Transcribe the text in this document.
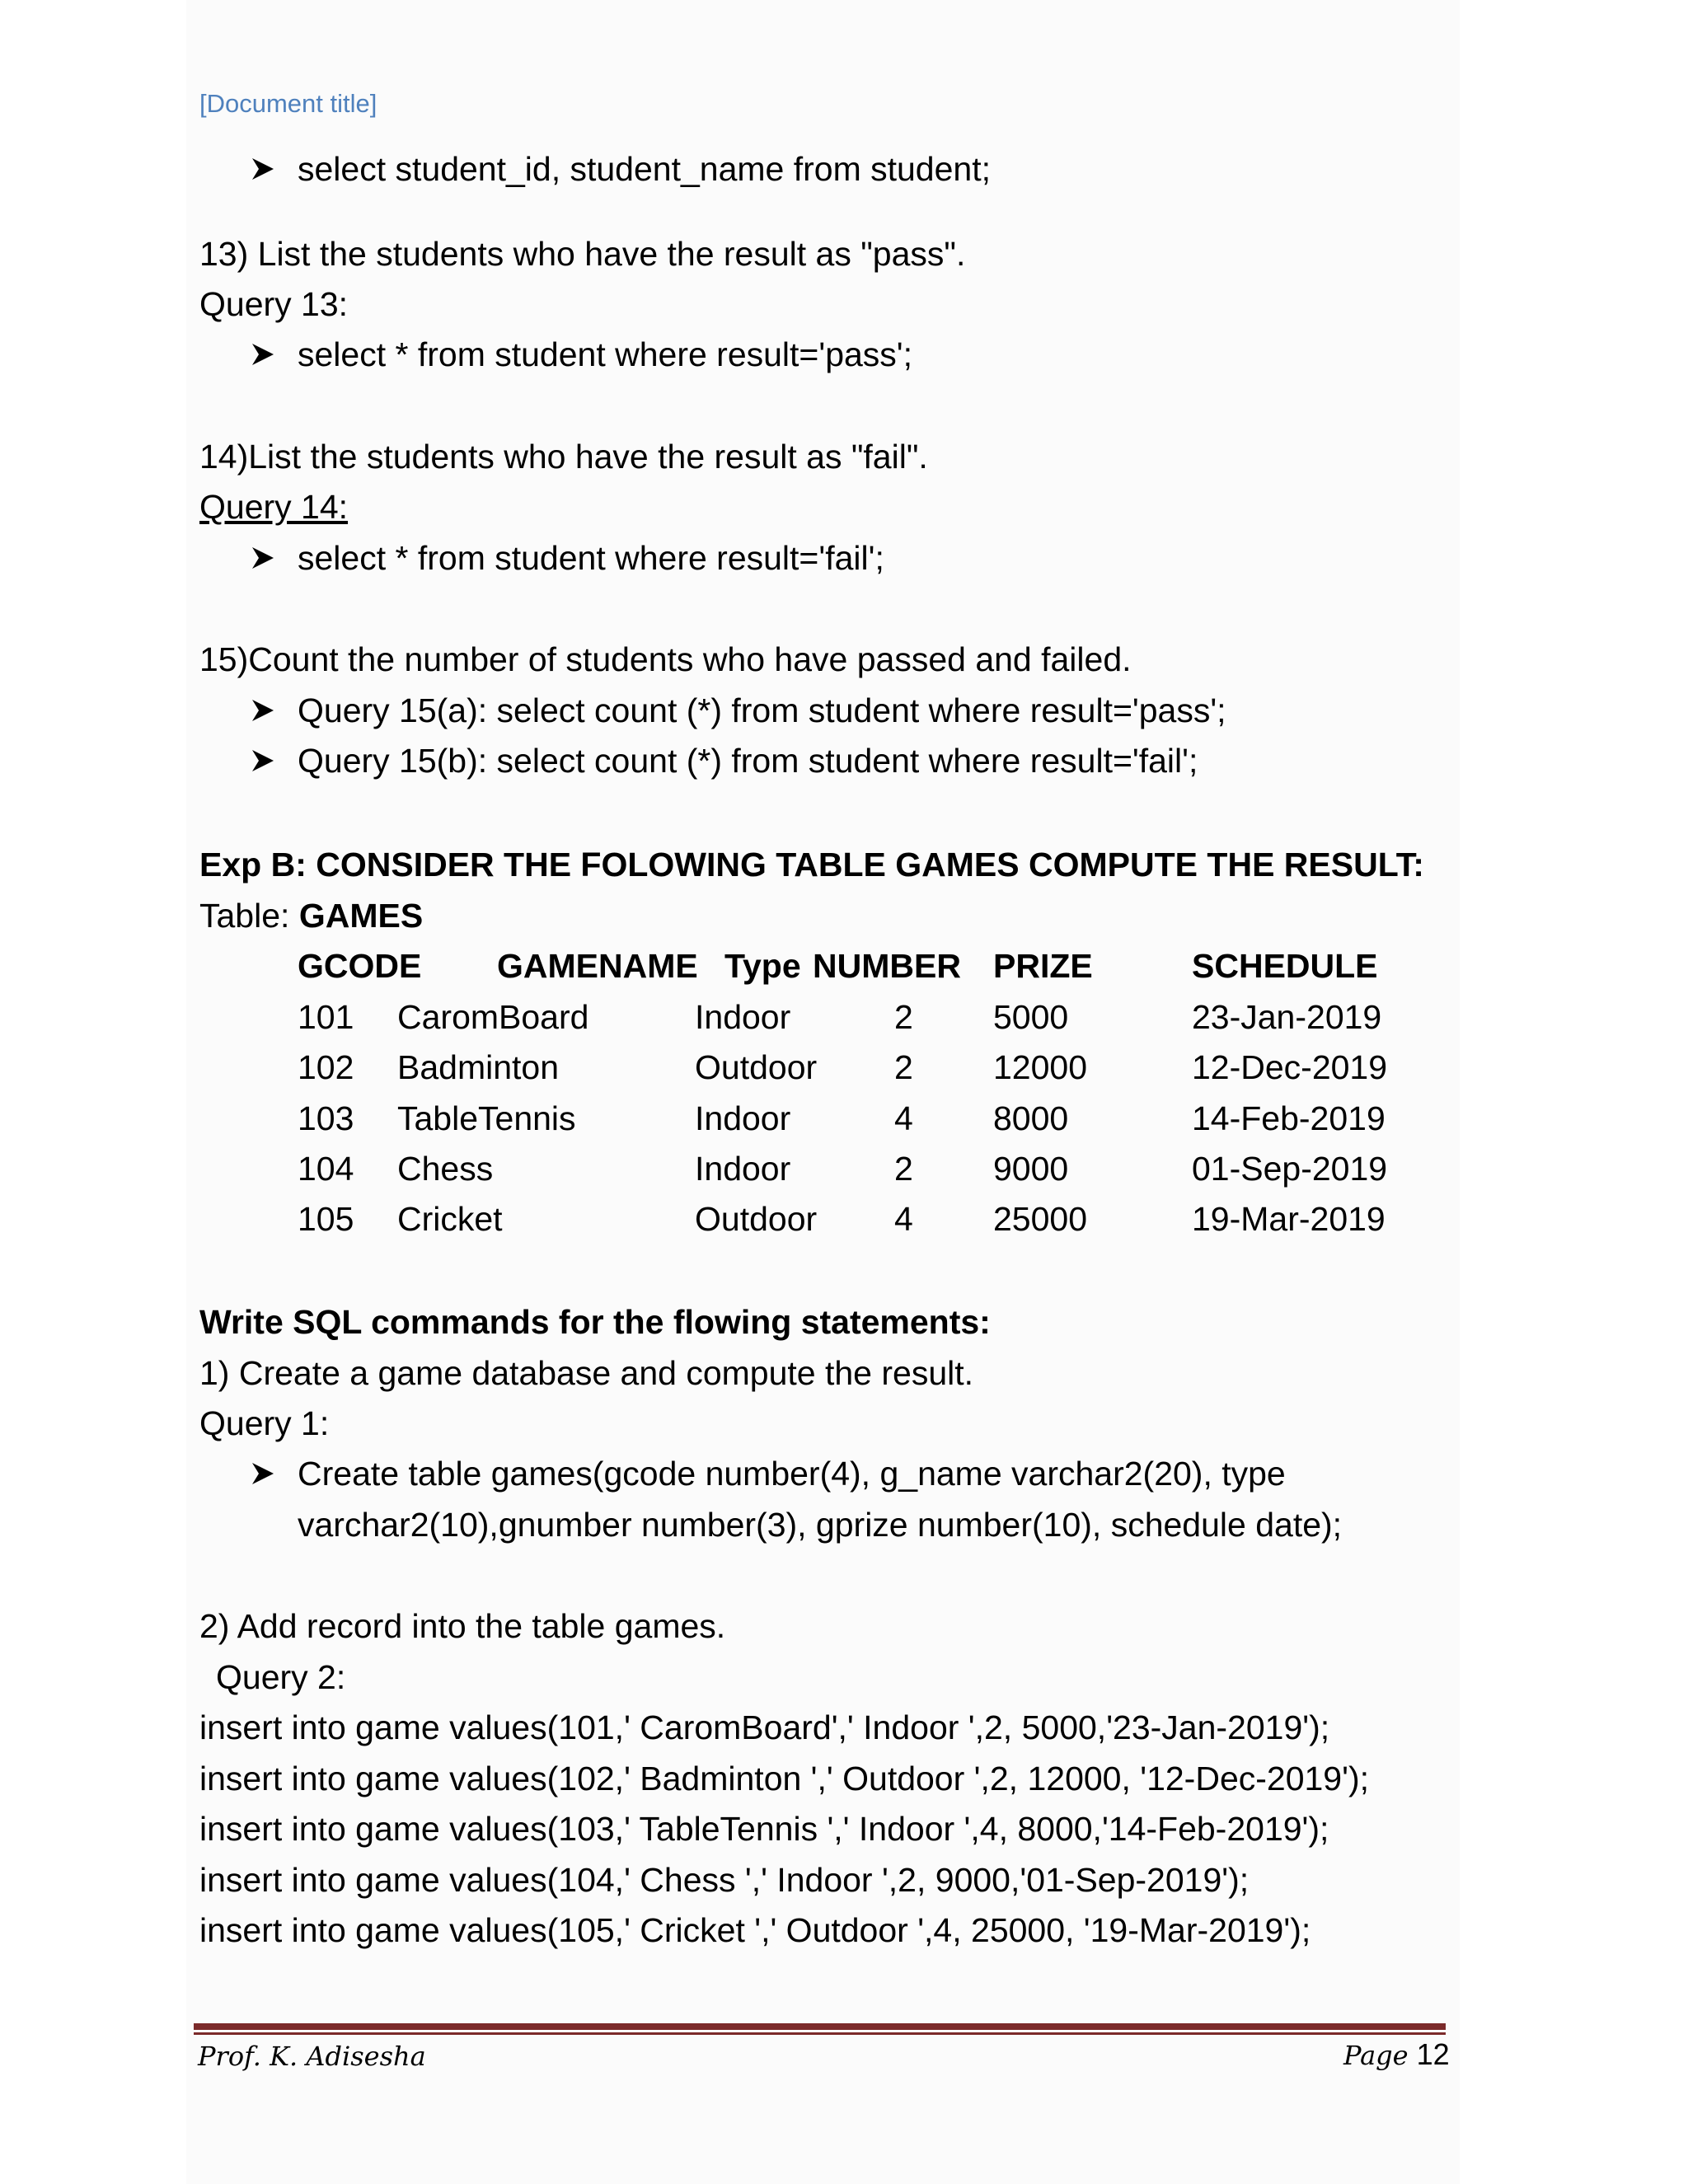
[Document title]
select student_id, student_name from student;
13) List the students who have the result as "pass".
Query 13:
select * from student where result='pass';
14)List the students who have the result as "fail".
Query 14:
select * from student where result='fail';
15)Count the number of students who have passed and failed.
Query 15(a): select count (*) from student where result='pass';
Query 15(b): select count (*) from student where result='fail';
Exp B: CONSIDER THE FOLOWING TABLE GAMES COMPUTE THE RESULT:
Table: GAMES
GCODE GAMENAME Type NUMBER PRIZE	SCHEDULE
101 CaromBoard	Indoor	2 5000	23-Jan-2019
102 Badminton	Outdoor 2 12000	12-Dec-2019
103 TableTennis	Indoor	4 8000	14-Feb-2019
104 Chess	Indoor	2 9000	01-Sep-2019
105 Cricket	Outdoor 4 25000	19-Mar-2019
Write SQL commands for the flowing statements:
1) Create a game database and compute the result.
Query 1:
Create table games(gcode number(4), g_name varchar2(20), type
varchar2(10),gnumber number(3), gprize number(10), schedule date);
2) Add record into the table games.
Query 2:
insert into game values(101,' CaromBoard',' Indoor ',2, 5000,'23-Jan-2019');
insert into game values(102,' Badminton ',' Outdoor ',2, 12000, '12-Dec-2019');
insert into game values(103,' TableTennis ',' Indoor ',4, 8000,'14-Feb-2019');
insert into game values(104,' Chess ',' Indoor ',2, 9000,'01-Sep-2019');
insert into game values(105,' Cricket ',' Outdoor ',4, 25000, '19-Mar-2019');
Prof. K. Adisesha	Page 12
